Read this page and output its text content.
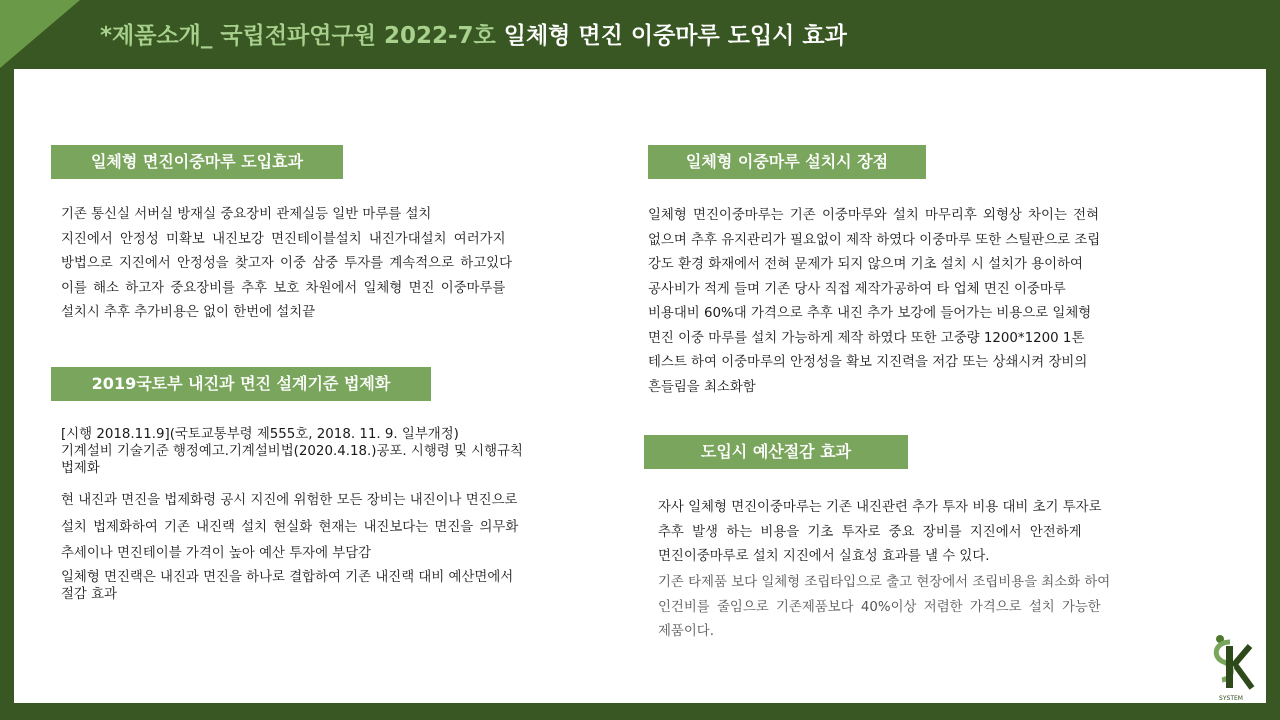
*제품소개_ 국립전파연구원 2022-7호 일체형 면진 이중마루 도입시 효과
일체형 면진이중마루 도입효과
기존 통신실 서버실 방재실 중요장비 관제실등 일반 마루를 설치
지진에서 안정성 미확보 내진보강 면진테이블설치 내진가대설치 여러가지
방법으로 지진에서 안정성을 찾고자 이중 삼중 투자를 계속적으로 하고있다
이를 해소 하고자 중요장비를 추후 보호 차원에서 일체형 면진 이중마루를
설치시 추후 추가비용은 없이 한번에 설치끝
2019국토부 내진과 면진 설계기준 법제화
[시행 2018.11.9](국토교통부령 제555호, 2018. 11. 9. 일부개정)
기계설비 기술기준 행정예고.기계설비법(2020.4.18.)공포. 시행령 및 시행규칙
법제화
현 내진과 면진을 법제화령 공시 지진에 위험한 모든 장비는 내진이나 면진으로
설치 법제화하여 기존 내진랙 설치 현실화 현재는 내진보다는 면진을 의무화
추세이나 면진테이블 가격이 높아 예산 투자에 부담감
일체형 면진랙은 내진과 면진을 하나로 결합하여 기존 내진랙 대비 예산면에서
절감 효과
일체형 이중마루 설치시 장점
일체형 면진이중마루는 기존 이중마루와 설치 마무리후 외형상 차이는 전혀
없으며 추후 유지관리가 필요없이 제작 하였다 이중마루 또한 스틸판으로 조립
강도 환경 화재에서 전혀 문제가 되지 않으며 기초 설치 시 설치가 용이하여
공사비가 적게 들며 기존 당사 직접 제작가공하여 타 업체 면진 이중마루
비용대비 60%대 가격으로 추후 내진 추가 보강에 들어가는 비용으로 일체형
면진 이중 마루를 설치 가능하게 제작 하였다 또한 고중량 1200*1200 1톤
테스트 하여 이중마루의 안정성을 확보 지진력을 저감 또는 상쇄시켜 장비의
흔들림을 최소화함
도입시 예산절감 효과
자사 일체형 면진이중마루는 기존 내진관련 추가 투자 비용 대비 초기 투자로
추후 발생 하는 비용을 기초 투자로 중요 장비를 지진에서 안전하게
면진이중마루로 설치 지진에서 실효성 효과를 낼 수 있다.
기존 타제품 보다 일체형 조립타입으로 출고 현장에서 조립비용을 최소화 하여
인건비를 줄임으로 기존제품보다 40%이상 저렴한 가격으로 설치 가능한
제품이다.
SYSTEM
